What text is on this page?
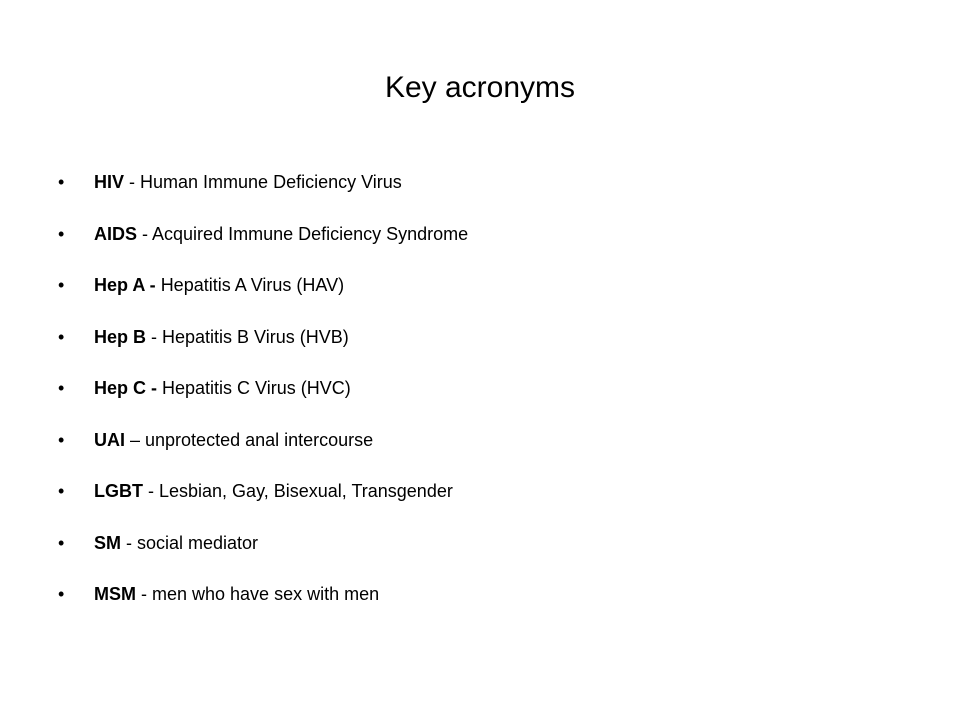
Key acronyms
•	HIV - Human Immune Deficiency Virus
•	AIDS - Acquired Immune Deficiency Syndrome
•	Hep A - Hepatitis A Virus (HAV)
•	Hep B - Hepatitis B Virus (HVB)
•	Hep C - Hepatitis C Virus (HVC)
•	UAI – unprotected anal intercourse
•	LGBT - Lesbian, Gay, Bisexual, Transgender
•	SM - social mediator
•	MSM - men who have sex with men
